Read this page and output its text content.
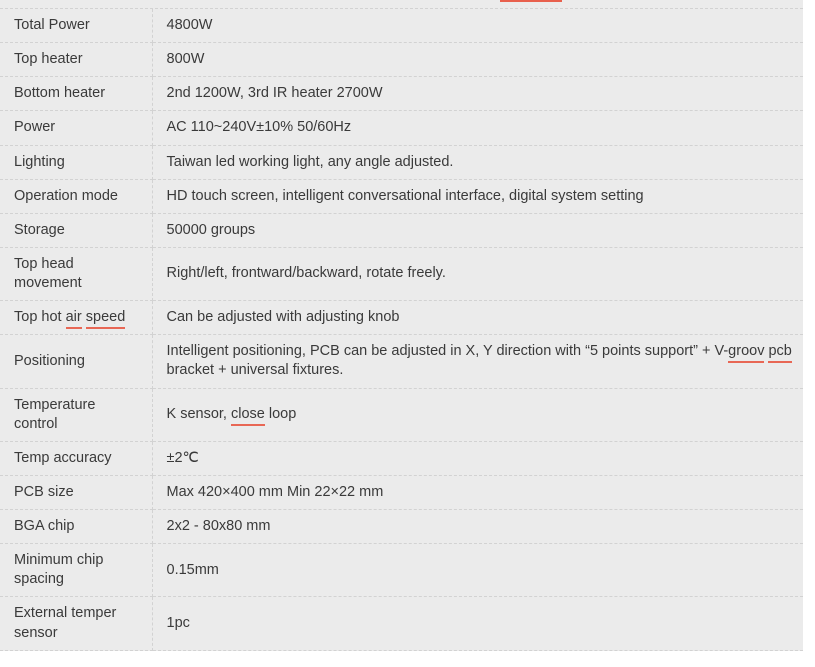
Total Power	4800W
Top heater	800W
Bottom heater	2nd 1200W, 3rd IR heater 2700W
Power	AC 110~240V±10% 50/60Hz
Lighting	Taiwan led working light, any angle adjusted.
Operation mode	HD touch screen, intelligent conversational interface, digital system setting
Storage	50000 groups
Top head movement	Right/left, frontward/backward, rotate freely.
Top hot air speed	Can be adjusted with adjusting knob
Positioning	Intelligent positioning, PCB can be adjusted in X, Y direction with “5 points support” + V-groov pcb bracket + universal fixtures.
Temperature control	K sensor, close loop
Temp accuracy	±2℃
PCB size	Max 420×400 mm Min 22×22 mm
BGA chip	2x2 - 80x80 mm
Minimum chip spacing	0.15mm
External temper sensor	1pc
